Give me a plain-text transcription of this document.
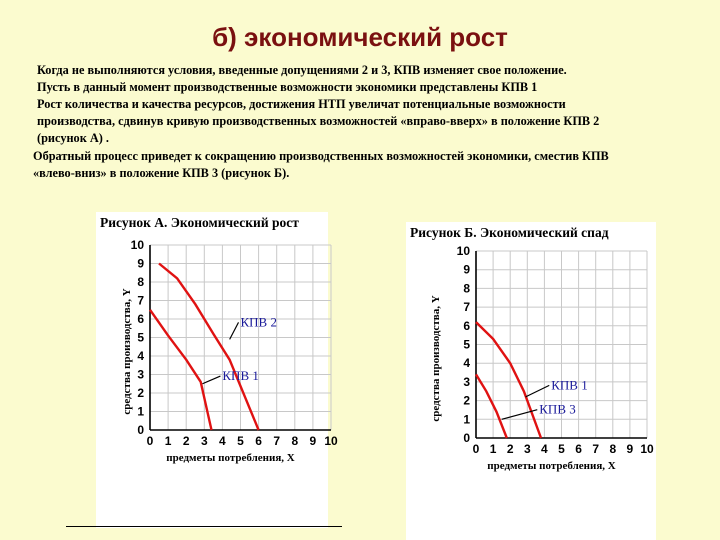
б) экономический рост
Когда не выполняются условия, введенные допущениями 2 и 3, КПВ изменяет свое положение.
Пусть в данный момент производственные возможности экономики представлены КПВ 1
Рост количества и качества ресурсов, достижения НТП увеличат потенциальные возможности
производства, сдвинув кривую производственных возможностей «вправо-вверх» в положение КПВ 2
(рисунок А) .
Обратный процесс приведет к сокращению производственных возможностей экономики, сместив КПВ
«влево-вниз» в положение КПВ 3 (рисунок Б).
Рисунок А. Экономический рост
Рисунок Б. Экономический спад
0
1
2
3
4
5
6
7
8
9
10
0 1 2 3 4 5 6 7 8 9 10
предметы потребления, X
средства производства, Y	КПВ 2
КПВ 1
0
1
2
3
4
5
6
7
8
9
10
0 1 2 3 4 5 6 7 8 9 10
предметы потребления, X
средства производства, Y	КПВ 1
КПВ 3
